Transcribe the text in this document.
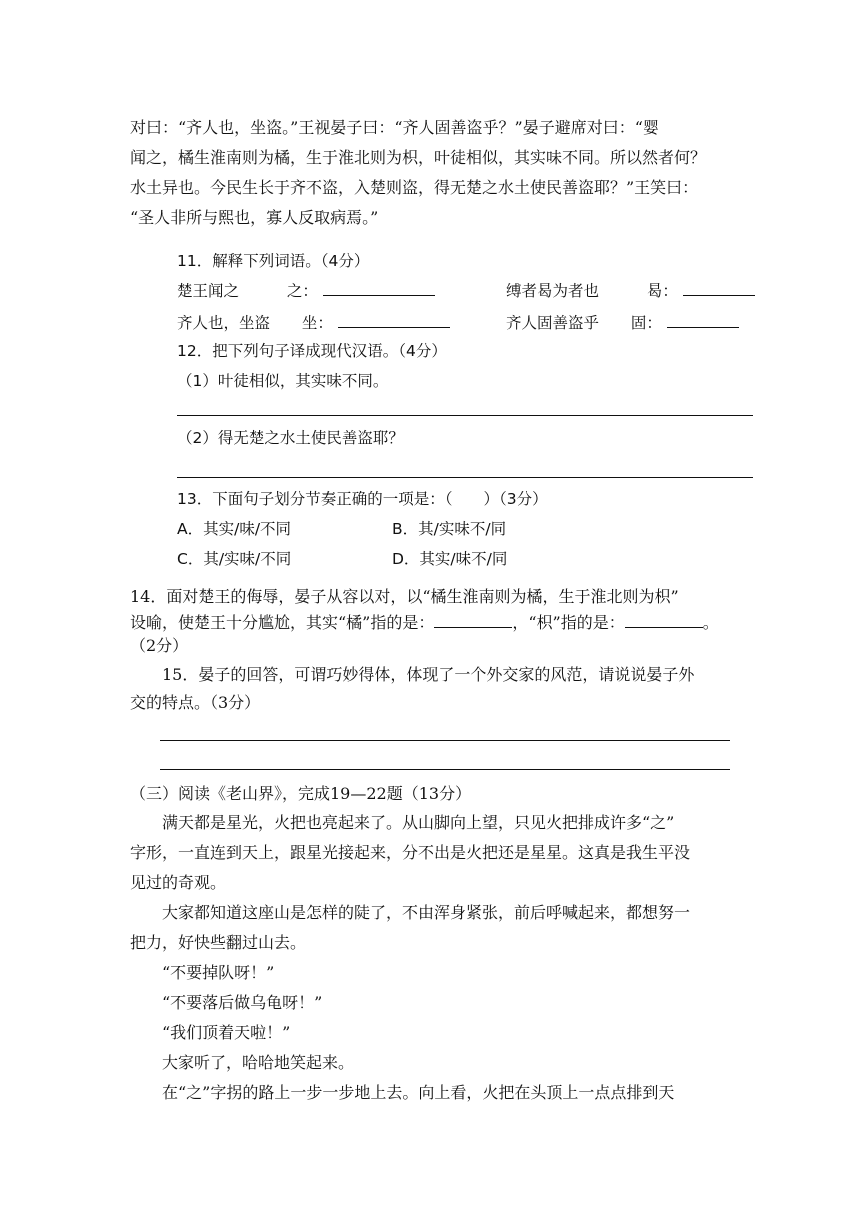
对曰：“齐人也，坐盗。”王视晏子曰：“齐人固善盗乎？”晏子避席对曰：“婴
闻之，橘生淮南则为橘，生于淮北则为枳，叶徒相似，其实味不同。所以然者何？
水土异也。今民生长于齐不盗，入楚则盗，得无楚之水土使民善盗耶？”王笑曰：
“圣人非所与熙也，寡人反取病焉。”
11．解释下列词语。（4分）
楚王闻之	之：	缚者曷为者也	曷：
齐人也，坐盗 坐：	齐人固善盗乎 固：
12．把下列句子译成现代汉语。（4分）
（1）叶徒相似，其实味不同。
（2）得无楚之水土使民善盗耶？
13．下面句子划分节奏正确的一项是：（　　）（3分）
A．其实/味/不同	B．其/实味不/同
C．其/实味/不同	D．其实/味不/同
14．面对楚王的侮辱，晏子从容以对，以“橘生淮南则为橘，生于淮北则为枳”
设喻，使楚王十分尴尬，其实“橘”指的是：	，“枳”指的是：	。
（2分）
15．晏子的回答，可谓巧妙得体，体现了一个外交家的风范，请说说晏子外
交的特点。（3分）
（三）阅读《老山界》，完成19—22题（13分）
满天都是星光，火把也亮起来了。从山脚向上望，只见火把排成许多“之”
字形，一直连到天上，跟星光接起来，分不出是火把还是星星。这真是我生平没
见过的奇观。
大家都知道这座山是怎样的陡了，不由浑身紧张，前后呼喊起来，都想努一
把力，好快些翻过山去。
“不要掉队呀！”
“不要落后做乌龟呀！”
“我们顶着天啦！”
大家听了，哈哈地笑起来。
在“之”字拐的路上一步一步地上去。向上看，火把在头顶上一点点排到天
